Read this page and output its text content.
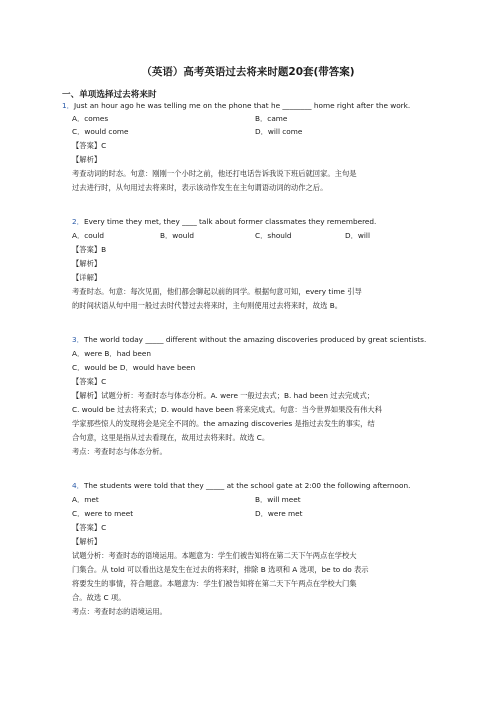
（英语）高考英语过去将来时题20套(带答案)
一、单项选择过去将来时
1．Just an hour ago he was telling me on the phone that he ________ home right after the work.
A．comes	B．came
C．would come	D．will come
【答案】C
【解析】
考查动词的时态。句意：刚刚一个小时之前，他还打电话告诉我说下班后就回家。主句是
过去进行时，从句用过去将来时，表示该动作发生在主句谓语动词的动作之后。
2．Every time they met, they ____ talk about former classmates they remembered.
A．could	B．would	C．should	D．will
【答案】B
【解析】
【详解】
考查时态。句意：每次见面，他们都会聊起以前的同学。根据句意可知，every time 引导
的时间状语从句中用一般过去时代替过去将来时，主句则使用过去将来时，故选 B。
3．The world today _____ different without the amazing discoveries produced by great scientists.
A．were B．had been
C．would be D．would have been
【答案】C
【解析】试题分析：考查时态与体态分析。A. were 一般过去式；B. had been 过去完成式；
C. would be 过去将来式；D. would have been 将来完成式。句意：当今世界如果没有伟大科
学家那些惊人的发现将会是完全不同的。the amazing discoveries 是指过去发生的事实，结
合句意，这里是指从过去看现在，故用过去将来时。故选 C。
考点：考查时态与体态分析。
4．The students were told that they _____ at the school gate at 2:00 the following afternoon.
A．met	B．will meet
C．were to meet	D．were met
【答案】C
【解析】
试题分析：考查时态的语境运用。本题意为：学生们被告知将在第二天下午两点在学校大
门集合。从 told 可以看出这是发生在过去的将来时，排除 B 选项和 A 选项，be to do 表示
将要发生的事情，符合题意。本题意为：学生们被告知将在第二天下午两点在学校大门集
合。故选 C 项。
考点：考查时态的语境运用。
